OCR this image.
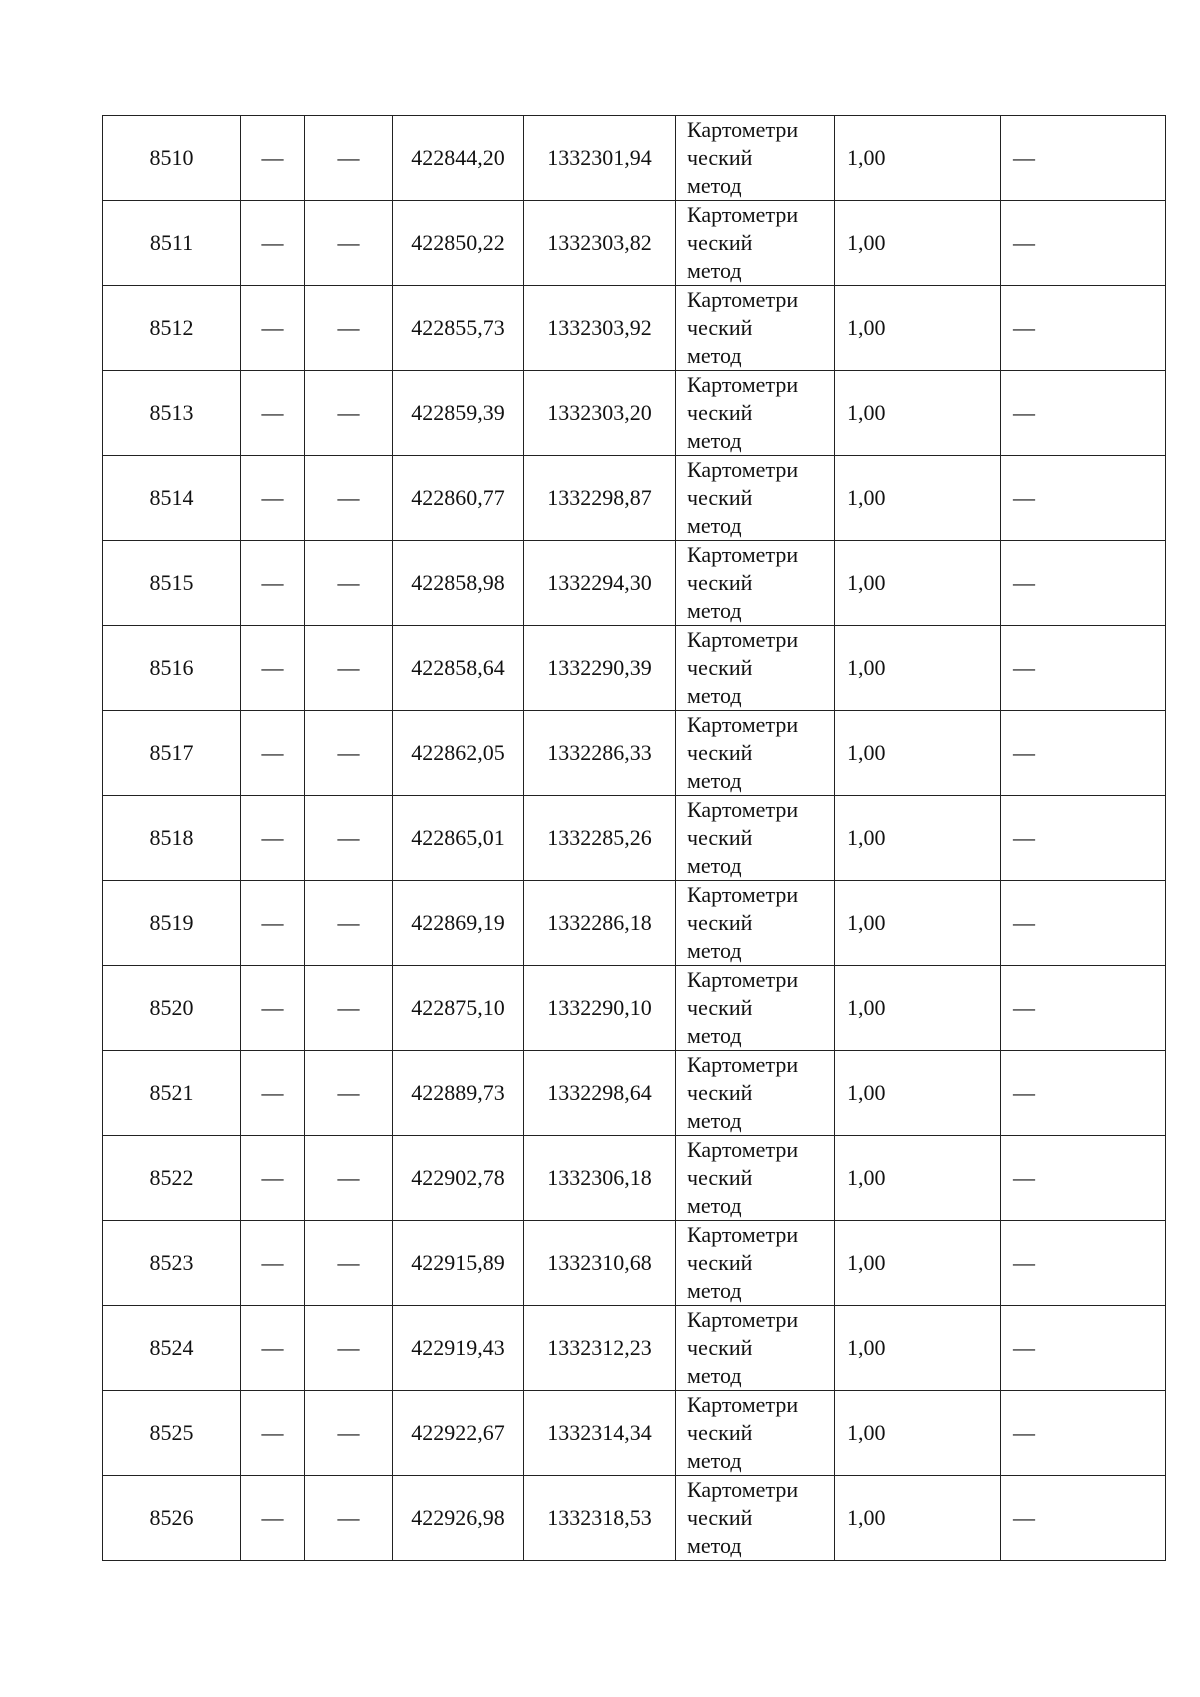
8510	—	—	422844,20	1332301,94	Картометри
ческий
метод	1,00	—
8511	—	—	422850,22	1332303,82	Картометри
ческий
метод	1,00	—
8512	—	—	422855,73	1332303,92	Картометри
ческий
метод	1,00	—
8513	—	—	422859,39	1332303,20	Картометри
ческий
метод	1,00	—
8514	—	—	422860,77	1332298,87	Картометри
ческий
метод	1,00	—
8515	—	—	422858,98	1332294,30	Картометри
ческий
метод	1,00	—
8516	—	—	422858,64	1332290,39	Картометри
ческий
метод	1,00	—
8517	—	—	422862,05	1332286,33	Картометри
ческий
метод	1,00	—
8518	—	—	422865,01	1332285,26	Картометри
ческий
метод	1,00	—
8519	—	—	422869,19	1332286,18	Картометри
ческий
метод	1,00	—
8520	—	—	422875,10	1332290,10	Картометри
ческий
метод	1,00	—
8521	—	—	422889,73	1332298,64	Картометри
ческий
метод	1,00	—
8522	—	—	422902,78	1332306,18	Картометри
ческий
метод	1,00	—
8523	—	—	422915,89	1332310,68	Картометри
ческий
метод	1,00	—
8524	—	—	422919,43	1332312,23	Картометри
ческий
метод	1,00	—
8525	—	—	422922,67	1332314,34	Картометри
ческий
метод	1,00	—
8526	—	—	422926,98	1332318,53	Картометри
ческий
метод	1,00	—
